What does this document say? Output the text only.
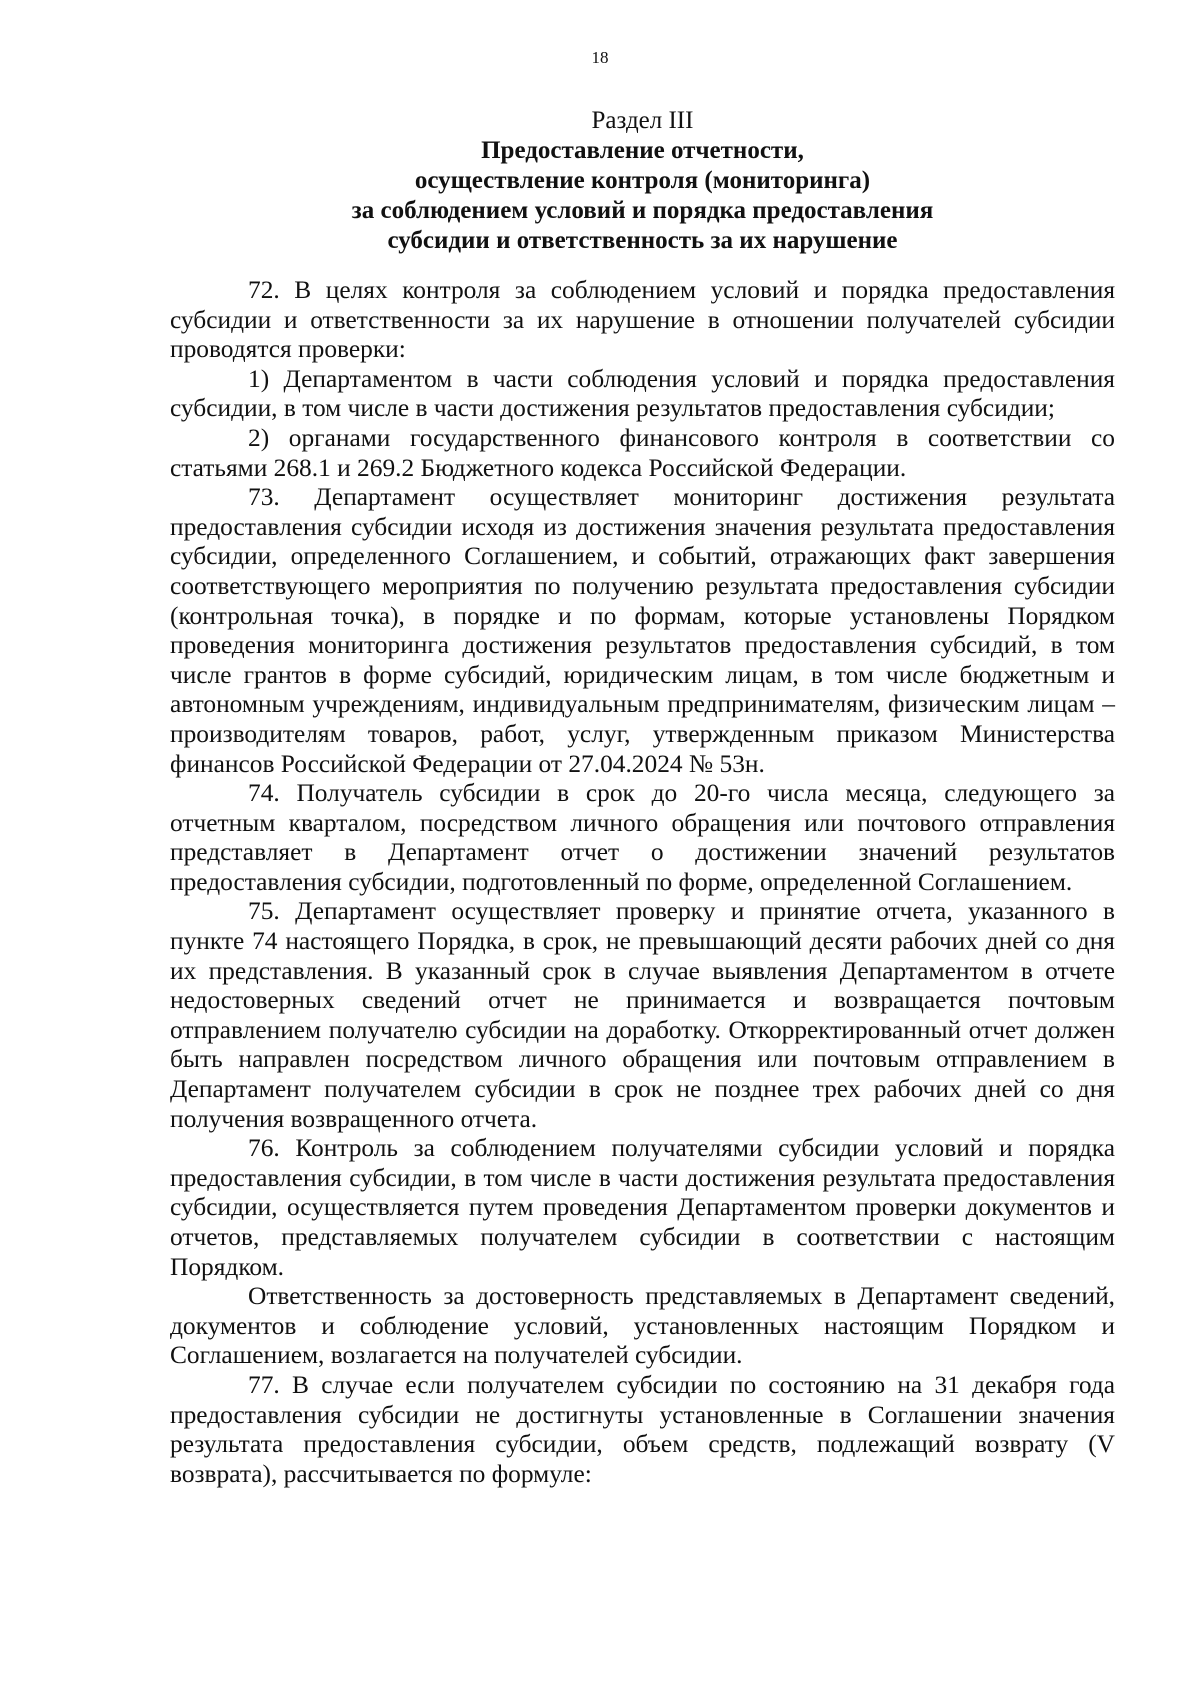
18
Раздел III
Предоставление отчетности,
осуществление контроля (мониторинга)
за соблюдением условий и порядка предоставления
субсидии и ответственность за их нарушение

72. В целях контроля за соблюдением условий и порядка предоставления субсидии и ответственности за их нарушение в отношении получателей субсидии проводятся проверки:

1) Департаментом в части соблюдения условий и порядка предоставления субсидии, в том числе в части достижения результатов предоставления субсидии;

2) органами государственного финансового контроля в соответствии со статьями 268.1 и 269.2 Бюджетного кодекса Российской Федерации.

73. Департамент осуществляет мониторинг достижения результата предоставления субсидии исходя из достижения значения результата предоставления субсидии, определенного Соглашением, и событий, отражающих факт завершения соответствующего мероприятия по получению результата предоставления субсидии (контрольная точка), в порядке и по формам, которые установлены Порядком проведения мониторинга достижения результатов предоставления субсидий, в том числе грантов в форме субсидий, юридическим лицам, в том числе бюджетным и автономным учреждениям, индивидуальным предпринимателям, физическим лицам – производителям товаров, работ, услуг, утвержденным приказом Министерства финансов Российской Федерации от 27.04.2024 № 53н.

74. Получатель субсидии в срок до 20-го числа месяца, следующего за отчетным кварталом, посредством личного обращения или почтового отправления представляет в Департамент отчет о достижении значений результатов предоставления субсидии, подготовленный по форме, определенной Соглашением.

75. Департамент осуществляет проверку и принятие отчета, указанного в пункте 74 настоящего Порядка, в срок, не превышающий десяти рабочих дней со дня их представления. В указанный срок в случае выявления Департаментом в отчете недостоверных сведений отчет не принимается и возвращается почтовым отправлением получателю субсидии на доработку. Откорректированный отчет должен быть направлен посредством личного обращения или почтовым отправлением в Департамент получателем субсидии в срок не позднее трех рабочих дней со дня получения возвращенного отчета.

76. Контроль за соблюдением получателями субсидии условий и порядка предоставления субсидии, в том числе в части достижения результата предоставления субсидии, осуществляется путем проведения Департаментом проверки документов и отчетов, представляемых получателем субсидии в соответствии с настоящим Порядком.

Ответственность за достоверность представляемых в Департамент сведений, документов и соблюдение условий, установленных настоящим Порядком и Соглашением, возлагается на получателей субсидии.

77. В случае если получателем субсидии по состоянию на 31 декабря года предоставления субсидии не достигнуты установленные в Соглашении значения результата предоставления субсидии, объем средств, подлежащий возврату (V возврата), рассчитывается по формуле:
